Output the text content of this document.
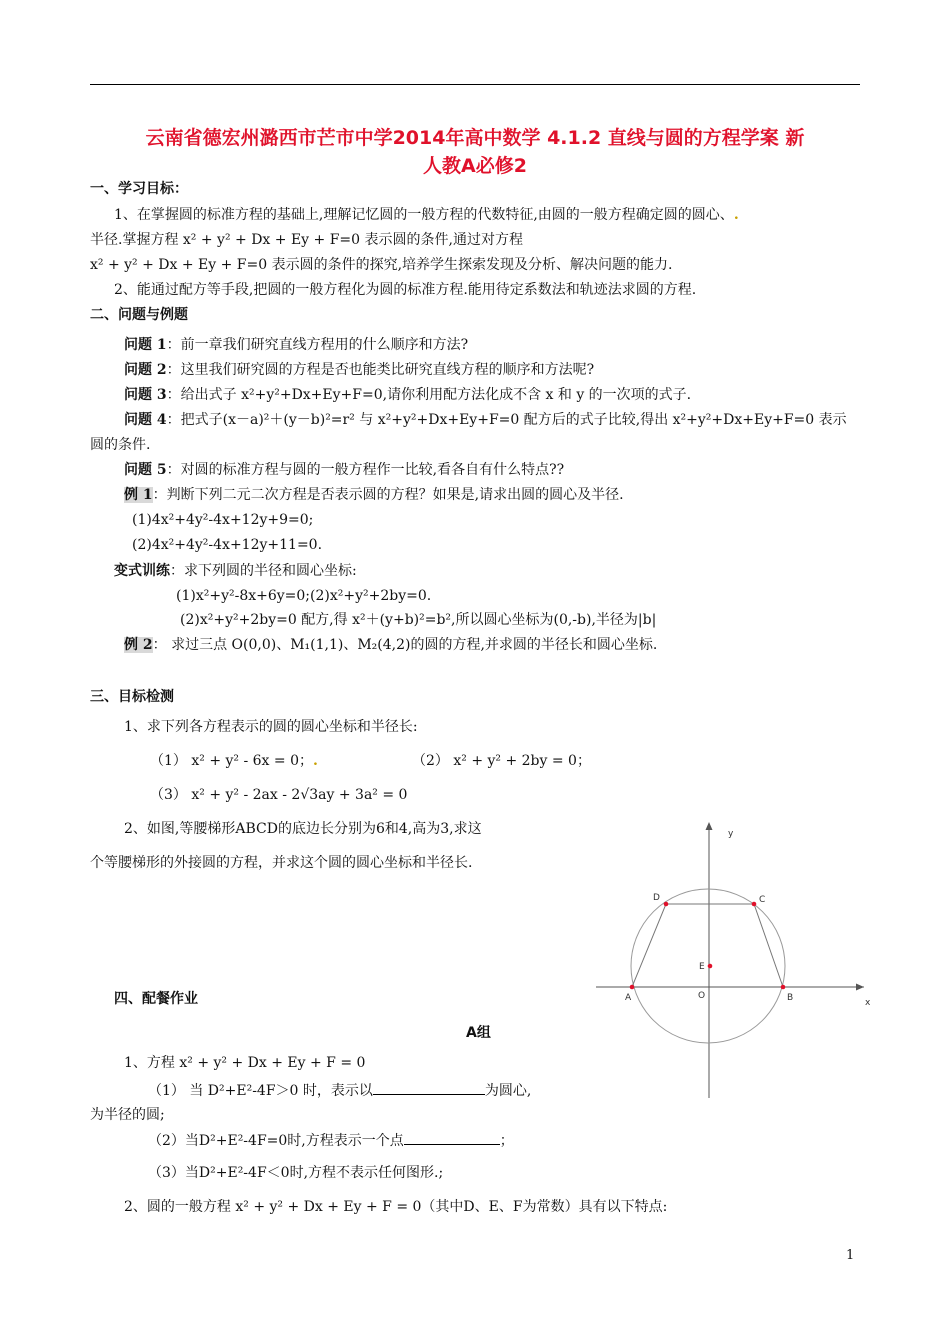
云南省德宏州潞西市芒市中学2014年高中数学 4.1.2 直线与圆的方程学案 新
人教A必修2
一、学习目标：
1、在掌握圆的标准方程的基础上,理解记忆圆的一般方程的代数特征,由圆的一般方程确定圆的圆心、.
半径.掌握方程 x² + y² + Dx + Ey + F=0 表示圆的条件,通过对方程
x² + y² + Dx + Ey + F=0 表示圆的条件的探究,培养学生探索发现及分析、解决问题的能力.
2、能通过配方等手段,把圆的一般方程化为圆的标准方程.能用待定系数法和轨迹法求圆的方程.
二、问题与例题
问题 1：前一章我们研究直线方程用的什么顺序和方法?
问题 2：这里我们研究圆的方程是否也能类比研究直线方程的顺序和方法呢?
问题 3：给出式子 x²+y²+Dx+Ey+F=0,请你利用配方法化成不含 x 和 y 的一次项的式子.
问题 4：把式子(x－a)²＋(y－b)²=r² 与 x²+y²+Dx+Ey+F=0 配方后的式子比较,得出 x²+y²+Dx+Ey+F=0 表示
圆的条件.
问题 5：对圆的标准方程与圆的一般方程作一比较,看各自有什么特点??
例 1：判断下列二元二次方程是否表示圆的方程？如果是,请求出圆的圆心及半径.
(1)4x²+4y²-4x+12y+9=0;
(2)4x²+4y²-4x+12y+11=0.
变式训练：求下列圆的半径和圆心坐标:
(1)x²+y²-8x+6y=0;(2)x²+y²+2by=0.
(2)x²+y²+2by=0 配方,得 x²＋(y+b)²=b²,所以圆心坐标为(0,-b),半径为|b|
例 2： 求过三点 O(0,0)、M₁(1,1)、M₂(4,2)的圆的方程,并求圆的半径长和圆心坐标.
三、目标检测
1、求下列各方程表示的圆的圆心坐标和半径长:
（1） x² + y² - 6x = 0；.	（2） x² + y² + 2by = 0；
（3） x² + y² - 2ax - 2√3ay + 3a² = 0
2、如图,等腰梯形ABCD的底边长分别为6和4,高为3,求这
个等腰梯形的外接圆的方程，并求这个圆的圆心坐标和半径长.
y
x
A	B
C
D
E
O
四、配餐作业
A组
1、方程 x² + y² + Dx + Ey + F = 0
（1） 当 D²+E²-4F＞0 时，表示以	为圆心,
为半径的圆;
（2）当D²+E²-4F=0时,方程表示一个点	；
（3）当D²+E²-4F＜0时,方程不表示任何图形.;
2、圆的一般方程 x² + y² + Dx + Ey + F = 0（其中D、E、F为常数）具有以下特点:
1
